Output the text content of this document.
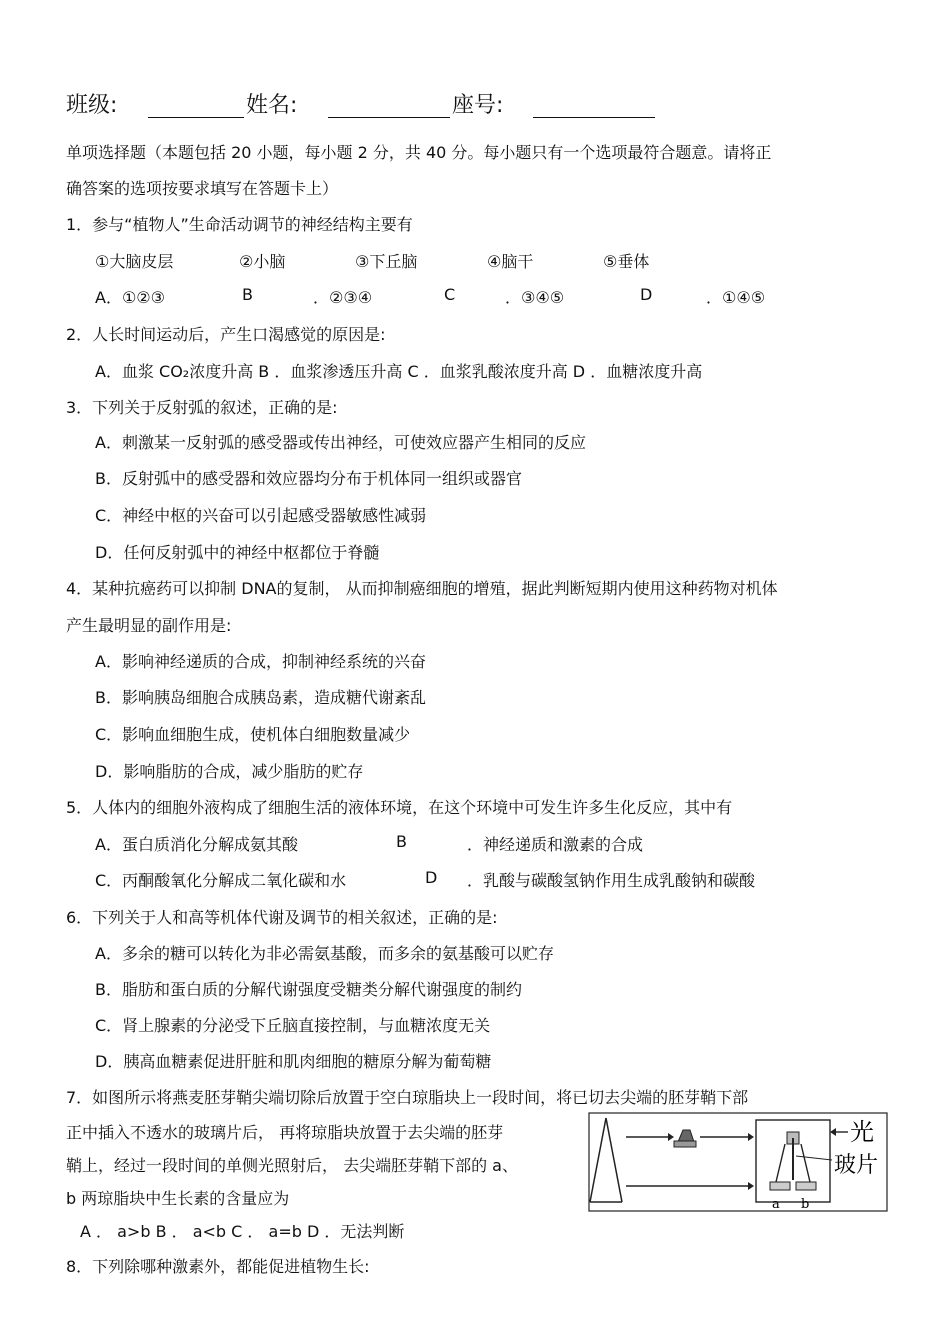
班级:	姓名:	座号:
单项选择题（本题包括 20 小题，每小题 2 分，共 40 分。每小题只有一个选项最符合题意。请将正
确答案的选项按要求填写在答题卡上）
1．参与“植物人”生命活动调节的神经结构主要有
①大脑皮层	②小脑	③下丘脑	④脑干	⑤垂体
A．①②③	B	．②③④	C	．③④⑤	D	．①④⑤
2．人长时间运动后，产生口渴感觉的原因是:
A．血浆 CO₂浓度升高 B ．血浆渗透压升高 C ．血浆乳酸浓度升高 D ．血糖浓度升高
3．下列关于反射弧的叙述，正确的是:
A．刺激某一反射弧的感受器或传出神经，可使效应器产生相同的反应
B．反射弧中的感受器和效应器均分布于机体同一组织或器官
C．神经中枢的兴奋可以引起感受器敏感性减弱
D．任何反射弧中的神经中枢都位于脊髓
4．某种抗癌药可以抑制 DNA的复制， 从而抑制癌细胞的增殖，据此判断短期内使用这种药物对机体
产生最明显的副作用是:
A．影响神经递质的合成，抑制神经系统的兴奋
B．影响胰岛细胞合成胰岛素，造成糖代谢紊乱
C．影响血细胞生成，使机体白细胞数量减少
D．影响脂肪的合成，减少脂肪的贮存
5．人体内的细胞外液构成了细胞生活的液体环境，在这个环境中可发生许多生化反应，其中有
A．蛋白质消化分解成氨其酸	B	．神经递质和激素的合成
C．丙酮酸氧化分解成二氧化碳和水	D ．乳酸与碳酸氢钠作用生成乳酸钠和碳酸
6．下列关于人和高等机体代谢及调节的相关叙述，正确的是:
A．多余的糖可以转化为非必需氨基酸，而多余的氨基酸可以贮存
B．脂肪和蛋白质的分解代谢强度受糖类分解代谢强度的制约
C．肾上腺素的分泌受下丘脑直接控制，与血糖浓度无关
D．胰高血糖素促进肝脏和肌肉细胞的糖原分解为葡萄糖
7．如图所示将燕麦胚芽鞘尖端切除后放置于空白琼脂块上一段时间，将已切去尖端的胚芽鞘下部
正中插入不透水的玻璃片后， 再将琼脂块放置于去尖端的胚芽
鞘上，经过一段时间的单侧光照射后， 去尖端胚芽鞘下部的 a、
b 两琼脂块中生长素的含量应为
A ． a>b B ． a<b C ． a=b D ．无法判断
a b
光
玻片
8．下列除哪种激素外，都能促进植物生长:
